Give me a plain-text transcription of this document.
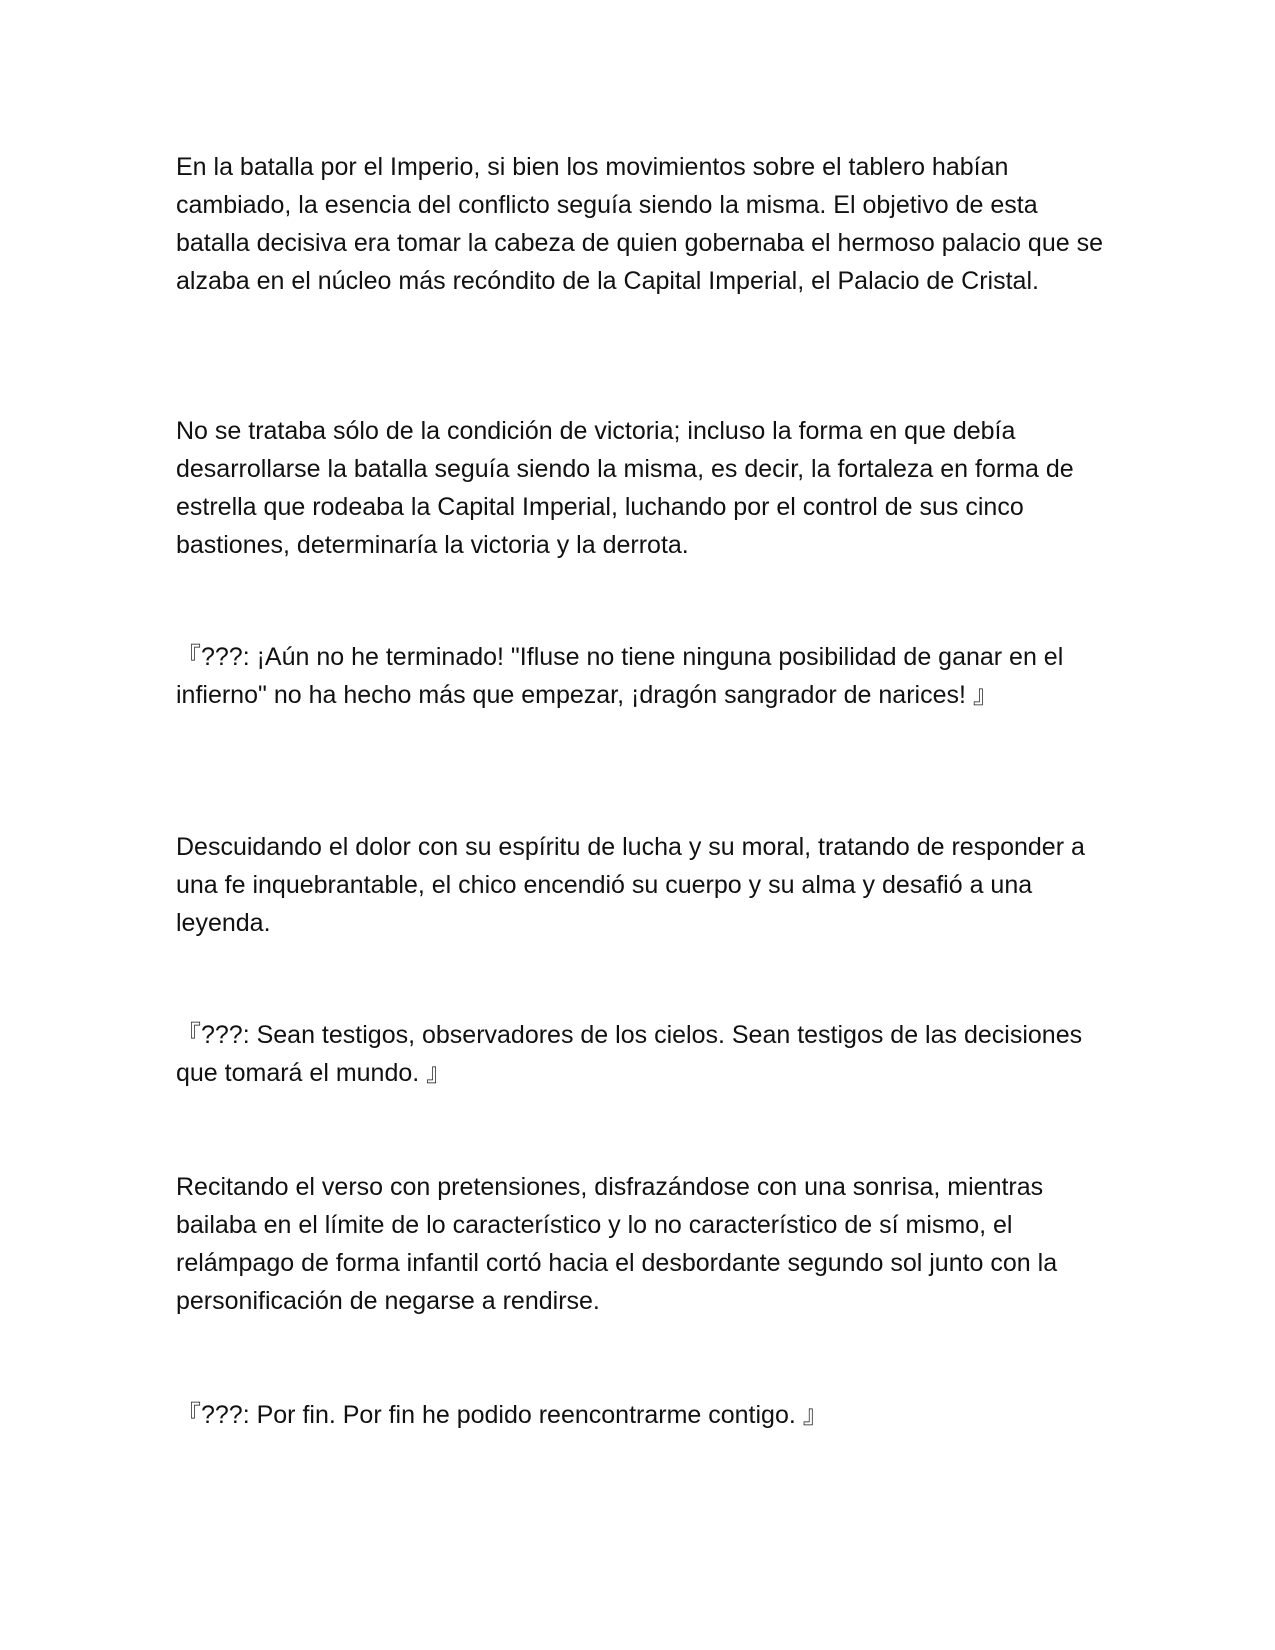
En la batalla por el Imperio, si bien los movimientos sobre el tablero habían cambiado, la esencia del conflicto seguía siendo la misma. El objetivo de esta batalla decisiva era tomar la cabeza de quien gobernaba el hermoso palacio que se alzaba en el núcleo más recóndito de la Capital Imperial, el Palacio de Cristal.

No se trataba sólo de la condición de victoria; incluso la forma en que debía desarrollarse la batalla seguía siendo la misma, es decir, la fortaleza en forma de estrella que rodeaba la Capital Imperial, luchando por el control de sus cinco bastiones, determinaría la victoria y la derrota.

『???: ¡Aún no he terminado! "Ifluse no tiene ninguna posibilidad de ganar en el infierno" no ha hecho más que empezar, ¡dragón sangrador de narices! 』

Descuidando el dolor con su espíritu de lucha y su moral, tratando de responder a una fe inquebrantable, el chico encendió su cuerpo y su alma y desafió a una leyenda.

『???: Sean testigos, observadores de los cielos. Sean testigos de las decisiones que tomará el mundo. 』

Recitando el verso con pretensiones, disfrazándose con una sonrisa, mientras bailaba en el límite de lo característico y lo no característico de sí mismo, el relámpago de forma infantil cortó hacia el desbordante segundo sol junto con la personificación de negarse a rendirse.

『???: Por fin. Por fin he podido reencontrarme contigo. 』
